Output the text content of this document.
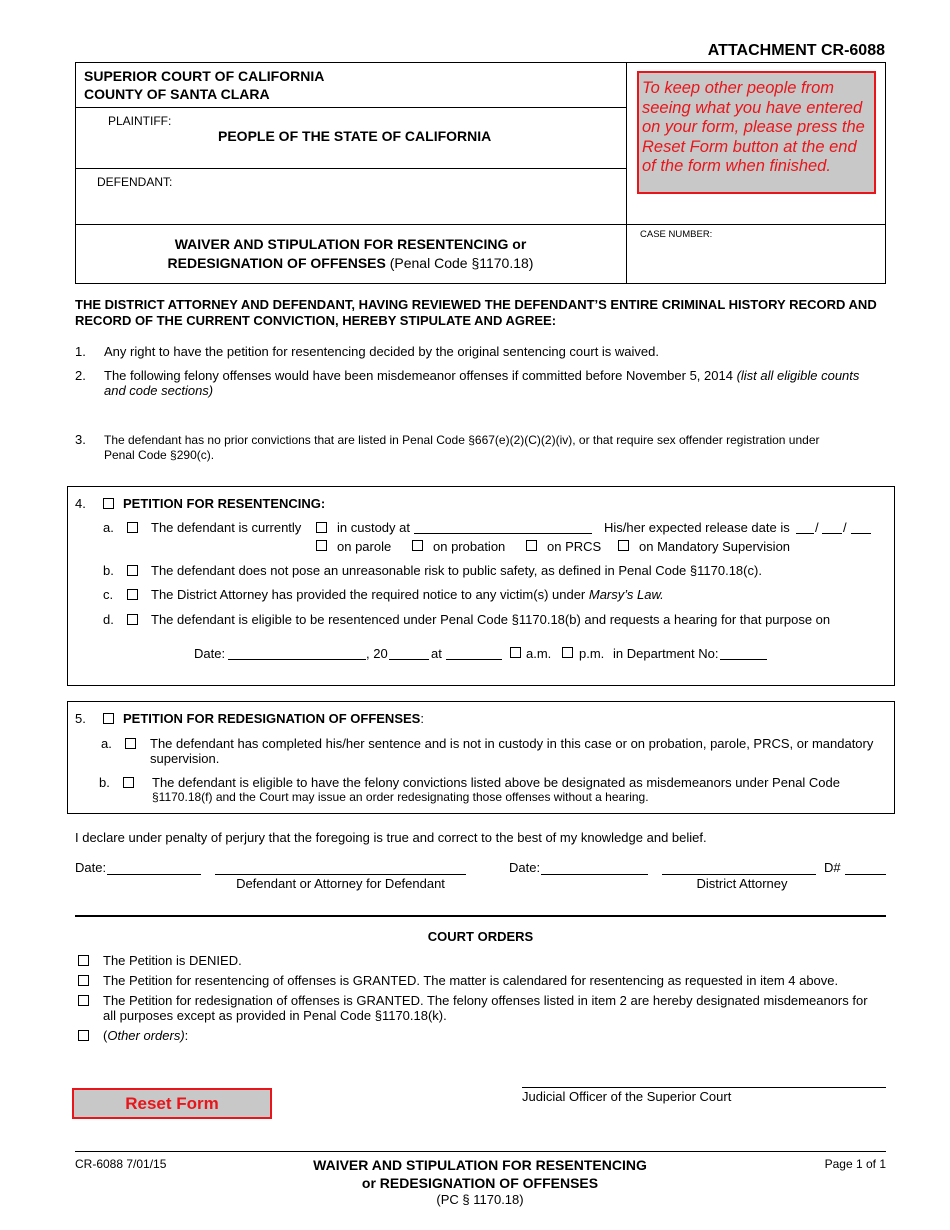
ATTACHMENT CR-6088
SUPERIOR COURT OF CALIFORNIA
COUNTY OF SANTA CLARA
PLAINTIFF:
PEOPLE OF THE STATE OF CALIFORNIA
DEFENDANT:
CASE NUMBER:
WAIVER AND STIPULATION FOR RESENTENCING or
REDESIGNATION OF OFFENSES (Penal Code §1170.18)
To keep other people from seeing what you have entered on your form, please press the Reset Form button at the end of the form when finished.
THE DISTRICT ATTORNEY AND DEFENDANT, HAVING REVIEWED THE DEFENDANT’S ENTIRE CRIMINAL HISTORY RECORD AND RECORD OF THE CURRENT CONVICTION, HEREBY STIPULATE AND AGREE:
1. Any right to have the petition for resentencing decided by the original sentencing court is waived.
2. The following felony offenses would have been misdemeanor offenses if committed before November 5, 2014 (list all eligible counts
and code sections)
3. The defendant has no prior convictions that are listed in Penal Code §667(e)(2)(C)(2)(iv), or that require sex offender registration under
Penal Code §290(c).
4.	PETITION FOR RESENTENCING:
a.	The defendant is currently	in custody at	His/her expected release date is / /
on parole	on probation	on PRCS	on Mandatory Supervision
b.	The defendant does not pose an unreasonable risk to public safety, as defined in Penal Code §1170.18(c).
c.	The District Attorney has provided the required notice to any victim(s) under Marsy’s Law.
d.	The defendant is eligible to be resentenced under Penal Code §1170.18(b) and requests a hearing for that purpose on
Date:	, 20	at	a.m. p.m. in Department No:
5.	PETITION FOR REDESIGNATION OF OFFENSES:
a.	The defendant has completed his/her sentence and is not in custody in this case or on probation, parole, PRCS, or mandatory
supervision.
b.	The defendant is eligible to have the felony convictions listed above be designated as misdemeanors under Penal Code
§1170.18(f) and the Court may issue an order redesignating those offenses without a hearing.
I declare under penalty of perjury that the foregoing is true and correct to the best of my knowledge and belief.
Date:
Defendant or Attorney for Defendant
Date:
District Attorney
D#
COURT ORDERS
The Petition is DENIED.
The Petition for resentencing of offenses is GRANTED. The matter is calendared for resentencing as requested in item 4 above.
The Petition for redesignation of offenses is GRANTED. The felony offenses listed in item 2 are hereby designated misdemeanors for
all purposes except as provided in Penal Code §1170.18(k).
(Other orders):
Reset Form	Judicial Officer of the Superior Court
CR-6088 7/01/15	WAIVER AND STIPULATION FOR RESENTENCING
or REDESIGNATION OF OFFENSES
(PC § 1170.18)
Page 1 of 1
